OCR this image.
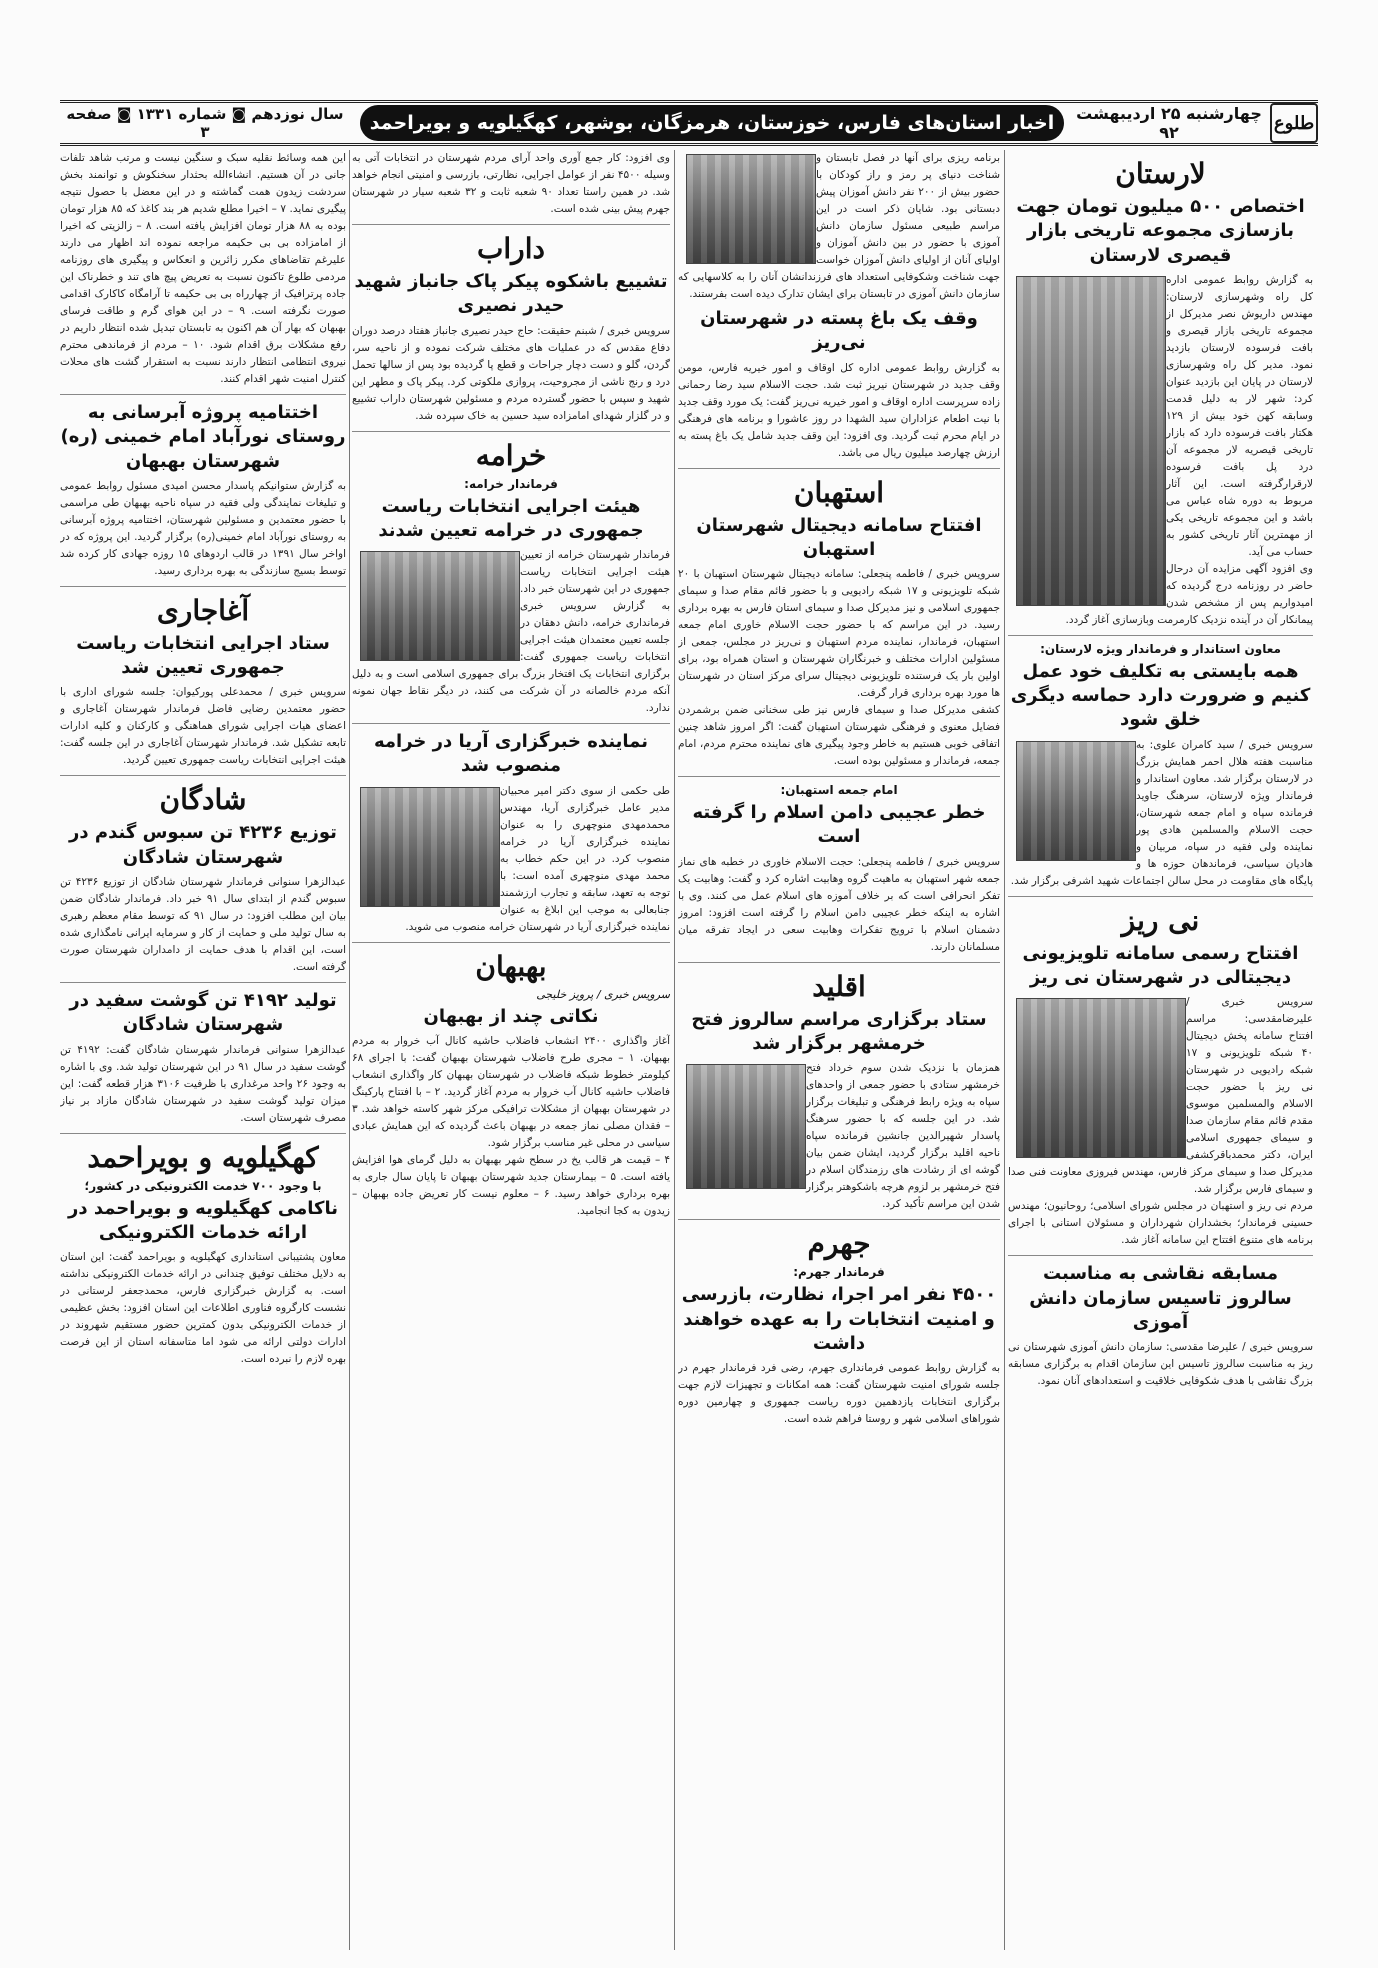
طلوع
چهارشنبه ۲۵ اردیبهشت ۹۲
اخبار استان‌های فارس، خوزستان، هرمزگان، بوشهر، کهگیلویه و بویراحمد
سال نوزدهم ◙ شماره ۱۳۳۱ ◙ صفحه ۳
لارستان
اختصاص ۵۰۰ میلیون تومان جهت بازسازی مجموعه تاریخی بازار قیصری لارستان
به گزارش روابط عمومی اداره کل راه وشهرسازی لارستان: مهندس داریوش نصر مدیرکل از مجموعه تاریخی بازار قیصری و بافت فرسوده لارستان بازدید نمود. مدیر کل راه وشهرسازی لارستان در پایان این بازدید عنوان کرد: شهر لار به دلیل قدمت وسابقه کهن خود بیش از ۱۲۹ هکتار بافت فرسوده دارد که بازار تاریخی قیصریه لار مجموعه آن درد پل بافت فرسوده لارقرارگرفته است. این آثار مربوط به دوره شاه عباس می باشد و این مجموعه تاریخی یکی از مهمترین آثار تاریخی کشور به حساب می آید.
وی افزود آگهی مزایده آن درحال حاضر در روزنامه درج گردیده که امیدواریم پس از مشخص شدن پیمانکار آن در آینده نزدیک کارمرمت وبازسازی آغاز گردد.
معاون استاندار و فرماندار ویژه لارستان:
همه بایستی به تکلیف خود عمل کنیم و ضرورت دارد حماسه دیگری خلق شود
سرویس خبری / سید کامران علوی: به مناسبت هفته هلال احمر همایش بزرگ در لارستان برگزار شد. معاون استاندار و فرماندار ویژه لارستان، سرهنگ جاوید فرمانده سپاه و امام جمعه شهرستان، حجت الاسلام والمسلمین هادی پور نماینده ولی فقیه در سپاه، مربیان و هادیان سیاسی، فرماندهان حوزه ها و پایگاه های مقاومت در محل سالن اجتماعات شهید اشرفی برگزار شد.
نی ریز
افتتاح رسمی سامانه تلویزیونی دیجیتالی در شهرستان نی ریز
سرویس خبری / علیرضامقدسی: مراسم افتتاح سامانه پخش دیجیتال ۴۰ شبکه تلویزیونی و ۱۷ شبکه رادیویی در شهرستان نی ریز با حضور حجت الاسلام والمسلمین موسوی مقدم قائم مقام سازمان صدا و سیمای جمهوری اسلامی ایران، دکتر محمدباقرکشفی مدیرکل صدا و سیمای مرکز فارس، مهندس فیروزی معاونت فنی صدا و سیمای فارس برگزار شد.
مردم نی ریز و استهبان در مجلس شورای اسلامی؛ روحانیون؛ مهندس حسینی فرماندار؛ بخشداران شهرداران و مسئولان استانی با اجرای برنامه های متنوع افتتاح این سامانه آغاز شد.
مسابقه نقاشی به مناسبت سالروز تاسیس سازمان دانش آموزی
سرویس خبری / علیرضا مقدسی: سازمان دانش آموزی شهرستان نی ریز به مناسبت سالروز تاسیس این سازمان اقدام به برگزاری مسابقه بزرگ نقاشی با هدف شکوفایی خلاقیت و استعدادهای آنان نمود.
برنامه ریزی برای آنها در فصل تابستان و شناخت دنیای پر رمز و راز کودکان با حضور بیش از ۲۰۰ نفر دانش آموزان پیش دبستانی بود. شایان ذکر است در این مراسم طبیعی مسئول سازمان دانش آموزی با حضور در بین دانش آموزان و اولیای آنان از اولیای دانش آموزان خواست جهت شناخت وشکوفایی استعداد های فرزندانشان آنان را به کلاسهایی که سازمان دانش آموزی در تابستان برای ایشان تدارک دیده است بفرستند.
وقف یک باغ پسته در شهرستان نی‌ریز
به گزارش روابط عمومی اداره کل اوقاف و امور خیریه فارس، مومن وقف جدید در شهرستان نیریز ثبت شد. حجت الاسلام سید رضا رحمانی زاده سرپرست اداره اوقاف و امور خیریه نی‌ریز گفت: یک مورد وقف جدید با نیت اطعام عزاداران سید الشهدا در روز عاشورا و برنامه های فرهنگی در ایام محرم ثبت گردید. وی افزود: این وقف جدید شامل یک باغ پسته به ارزش چهارصد میلیون ریال می باشد.
استهبان
افتتاح سامانه دیجیتال شهرستان استهبان
سرویس خبری / فاطمه پنجعلی: سامانه دیجیتال شهرستان استهبان با ۲۰ شبکه تلویزیونی و ۱۷ شبکه رادیویی و با حضور قائم مقام صدا و سیمای جمهوری اسلامی و نیز مدیرکل صدا و سیمای استان فارس به بهره برداری رسید. در این مراسم که با حضور حجت الاسلام خاوری امام جمعه استهبان، فرماندار، نماینده مردم استهبان و نی‌ریز در مجلس، جمعی از مسئولین ادارات مختلف و خبرنگاران شهرستان و استان همراه بود، برای اولین بار یک فرستنده تلویزیونی دیجیتال سرای مرکز استان در شهرستان ها مورد بهره برداری قرار گرفت.
کشفی مدیرکل صدا و سیمای فارس نیز طی سخنانی ضمن برشمردن فضایل معنوی و فرهنگی شهرستان استهبان گفت: اگر امروز شاهد چنین اتفاقی خوبی هستیم به خاطر وجود پیگیری های نماینده محترم مردم، امام جمعه، فرماندار و مسئولین بوده است.
امام جمعه استهبان:
خطر عجیبی دامن اسلام را گرفته است
سرویس خبری / فاطمه پنجعلی: حجت الاسلام خاوری در خطبه های نماز جمعه شهر استهبان به ماهیت گروه وهابیت اشاره کرد و گفت: وهابیت یک تفکر انحرافی است که بر خلاف آموزه های اسلام عمل می کنند. وی با اشاره به اینکه خطر عجیبی دامن اسلام را گرفته است افزود: امروز دشمنان اسلام با ترویج تفکرات وهابیت سعی در ایجاد تفرقه میان مسلمانان دارند.
اقلید
ستاد برگزاری مراسم سالروز فتح خرمشهر برگزار شد
همزمان با نزدیک شدن سوم خرداد فتح خرمشهر ستادی با حضور جمعی از واحدهای سپاه به ویژه رابط فرهنگی و تبلیغات برگزار شد. در این جلسه که با حضور سرهنگ پاسدار شهیرالدین جانشین فرمانده سپاه ناحیه اقلید برگزار گردید، ایشان ضمن بیان گوشه ای از رشادت های رزمندگان اسلام در فتح خرمشهر بر لزوم هرچه باشکوهتر برگزار شدن این مراسم تأکید کرد.
جهرم
فرماندار جهرم:
۴۵۰۰ نفر امر اجرا، نظارت، بازرسی و امنیت انتخابات را به عهده خواهند داشت
به گزارش روابط عمومی فرمانداری جهرم، رضی فرد فرماندار جهرم در جلسه شورای امنیت شهرستان گفت: همه امکانات و تجهیزات لازم جهت برگزاری انتخابات یازدهمین دوره ریاست جمهوری و چهارمین دوره شوراهای اسلامی شهر و روستا فراهم شده است.
وی افزود: کار جمع آوری واحد آرای مردم شهرستان در انتخابات آتی به وسیله ۴۵۰۰ نفر از عوامل اجرایی، نظارتی، بازرسی و امنیتی انجام خواهد شد. در همین راستا تعداد ۹۰ شعبه ثابت و ۳۲ شعبه سیار در شهرستان جهرم پیش بینی شده است.
داراب
تشییع باشکوه پیکر پاک جانباز شهید حیدر نصیری
سرویس خبری / شبنم حقیقت: حاج حیدر نصیری جانباز هفتاد درصد دوران دفاع مقدس که در عملیات های مختلف شرکت نموده و از ناحیه سر، گردن، گلو و دست دچار جراحات و قطع پا گردیده بود پس از سالها تحمل درد و رنج ناشی از مجروحیت، پروازی ملکوتی کرد. پیکر پاک و مطهر این شهید و سپس با حضور گسترده مردم و مسئولین شهرستان داراب تشییع و در گلزار شهدای امامزاده سید حسین به خاک سپرده شد.
خرامه
فرماندار خرامه:
هیئت اجرایی انتخابات ریاست جمهوری در خرامه تعیین شدند
فرماندار شهرستان خرامه از تعیین هیئت اجرایی انتخابات ریاست جمهوری در این شهرستان خبر داد. به گزارش سرویس خبری فرمانداری خرامه، دانش دهقان در جلسه تعیین معتمدان هیئت اجرایی انتخابات ریاست جمهوری گفت: برگزاری انتخابات یک افتخار بزرگ برای جمهوری اسلامی است و به دلیل آنکه مردم خالصانه در آن شرکت می کنند، در دیگر نقاط جهان نمونه ندارد.
نماینده خبرگزاری آریا در خرامه منصوب شد
طی حکمی از سوی دکتر امیر محبیان مدیر عامل خبرگزاری آریا، مهندس محمدمهدی منوچهری را به عنوان نماینده خبرگزاری آریا در خرامه منصوب کرد. در این حکم خطاب به محمد مهدی منوچهری آمده است: با توجه به تعهد، سابقه و تجارب ارزشمند جنابعالی به موجب این ابلاغ به عنوان نماینده خبرگزاری آریا در شهرستان خرامه منصوب می شوید.
بهبهان
سرویس خبری / پرویز خلیجی
نکاتی چند از بهبهان
آغاز واگذاری ۲۴۰۰ انشعاب فاضلاب حاشیه کانال آب خروار به مردم بهبهان. ۱ – مجری طرح فاضلاب شهرستان بهبهان گفت: با اجرای ۶۸ کیلومتر خطوط شبکه فاضلاب در شهرستان بهبهان کار واگذاری انشعاب فاضلاب حاشیه کانال آب خروار به مردم آغاز گردید. ۲ – با افتتاح پارکینگ در شهرستان بهبهان از مشکلات ترافیکی مرکز شهر کاسته خواهد شد. ۳ – فقدان مصلی نماز جمعه در بهبهان باعث گردیده که این همایش عبادی سیاسی در محلی غیر مناسب برگزار شود.
۴ – قیمت هر قالب یخ در سطح شهر بهبهان به دلیل گرمای هوا افزایش یافته است. ۵ – بیمارستان جدید شهرستان بهبهان تا پایان سال جاری به بهره برداری خواهد رسید. ۶ – معلوم نیست کار تعریض جاده بهبهان – زیدون به کجا انجامید.
این همه وسائط نقلیه سبک و سنگین نیست و مرتب شاهد تلفات جانی در آن هستیم. انشاءالله بحثدار سخنکوش و توانمند بخش سردشت زیدون همت گماشته و در این معضل با حصول نتیجه پیگیری نماید. ۷ – اخیرا مطلع شدیم هر بند کاغذ که ۸۵ هزار تومان بوده به ۸۸ هزار تومان افزایش یافته است. ۸ – زالزیتی که اخیرا از امامزاده بی بی حکیمه مراجعه نموده اند اظهار می دارند علیرغم تقاضاهای مکرر زائرین و انعکاس و پیگیری های روزنامه مردمی طلوع تاکنون نسبت به تعریض پیچ های تند و خطرناک این جاده پرترافیک از چهارراه بی بی حکیمه تا آرامگاه کاکارک اقدامی صورت نگرفته است. ۹ – در این هوای گرم و طاقت فرسای بهبهان که بهار آن هم اکنون به تابستان تبدیل شده انتظار داریم در رفع مشکلات برق اقدام شود. ۱۰ – مردم از فرماندهی محترم نیروی انتظامی انتظار دارند نسبت به استقرار گشت های محلات کنترل امنیت شهر اقدام کنند.
اختتامیه پروژه آبرسانی به روستای نورآباد امام خمینی (ره) شهرستان بهبهان
به گزارش ستوانیکم پاسدار محسن امیدی مسئول روابط عمومی و تبلیغات نمایندگی ولی فقیه در سپاه ناحیه بهبهان طی مراسمی با حضور معتمدین و مسئولین شهرستان، اختتامیه پروژه آبرسانی به روستای نورآباد امام خمینی(ره) برگزار گردید. این پروژه که در اواخر سال ۱۳۹۱ در قالب اردوهای ۱۵ روزه جهادی کار کرده شد توسط بسیج سازندگی به بهره برداری رسید.
آغاجاری
ستاد اجرایی انتخابات ریاست جمهوری تعیین شد
سرویس خبری / محمدعلی پورکیوان: جلسه شورای اداری با حضور معتمدین رضایی فاضل فرماندار شهرستان آغاجاری و اعضای هیات اجرایی شورای هماهنگی و کارکنان و کلیه ادارات تابعه تشکیل شد. فرماندار شهرستان آغاجاری در این جلسه گفت: هیئت اجرایی انتخابات ریاست جمهوری تعیین گردید.
شادگان
توزیع ۴۲۳۶ تن سبوس گندم در شهرستان شادگان
عبدالزهرا سنوانی فرماندار شهرستان شادگان از توزیع ۴۲۳۶ تن سبوس گندم از ابتدای سال ۹۱ خبر داد. فرماندار شادگان ضمن بیان این مطلب افزود: در سال ۹۱ که توسط مقام معظم رهبری به سال تولید ملی و حمایت از کار و سرمایه ایرانی نامگذاری شده است، این اقدام با هدف حمایت از دامداران شهرستان صورت گرفته است.
تولید ۴۱۹۲ تن گوشت سفید در شهرستان شادگان
عبدالزهرا سنوانی فرماندار شهرستان شادگان گفت: ۴۱۹۲ تن گوشت سفید در سال ۹۱ در این شهرستان تولید شد. وی با اشاره به وجود ۲۶ واحد مرغداری با ظرفیت ۳۱۰۶ هزار قطعه گفت: این میزان تولید گوشت سفید در شهرستان شادگان مازاد بر نیاز مصرف شهرستان است.
کهگیلویه و بویراحمد
با وجود ۷۰۰ خدمت الکترونیکی در کشور؛
ناکامی کهگیلویه و بویراحمد در ارائه خدمات الکترونیکی
معاون پشتیبانی استانداری کهگیلویه و بویراحمد گفت: این استان به دلایل مختلف توفیق چندانی در ارائه خدمات الکترونیکی نداشته است. به گزارش خبرگزاری فارس، محمدجعفر لرستانی در نشست کارگروه فناوری اطلاعات این استان افزود: بخش عظیمی از خدمات الکترونیکی بدون کمترین حضور مستقیم شهروند در ادارات دولتی ارائه می شود اما متاسفانه استان از این فرصت بهره لازم را نبرده است.
